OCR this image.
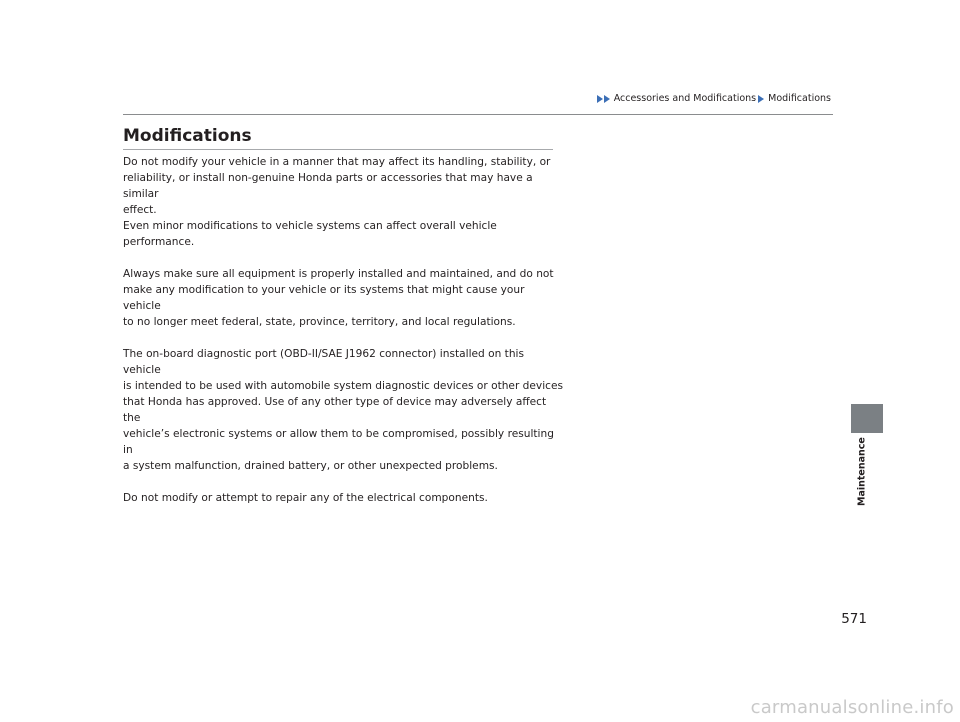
Accessories and Modifications Modifications
Modifications

Do not modify your vehicle in a manner that may affect its handling, stability, or
reliability, or install non-genuine Honda parts or accessories that may have a similar
effect.
Even minor modifications to vehicle systems can affect overall vehicle performance.

Always make sure all equipment is properly installed and maintained, and do not
make any modification to your vehicle or its systems that might cause your vehicle
to no longer meet federal, state, province, territory, and local regulations.

The on-board diagnostic port (OBD-II/SAE J1962 connector) installed on this vehicle
is intended to be used with automobile system diagnostic devices or other devices
that Honda has approved. Use of any other type of device may adversely affect the
vehicle’s electronic systems or allow them to be compromised, possibly resulting in
a system malfunction, drained battery, or other unexpected problems.

Do not modify or attempt to repair any of the electrical components.	Maintenance
571
carmanualsonline.info
